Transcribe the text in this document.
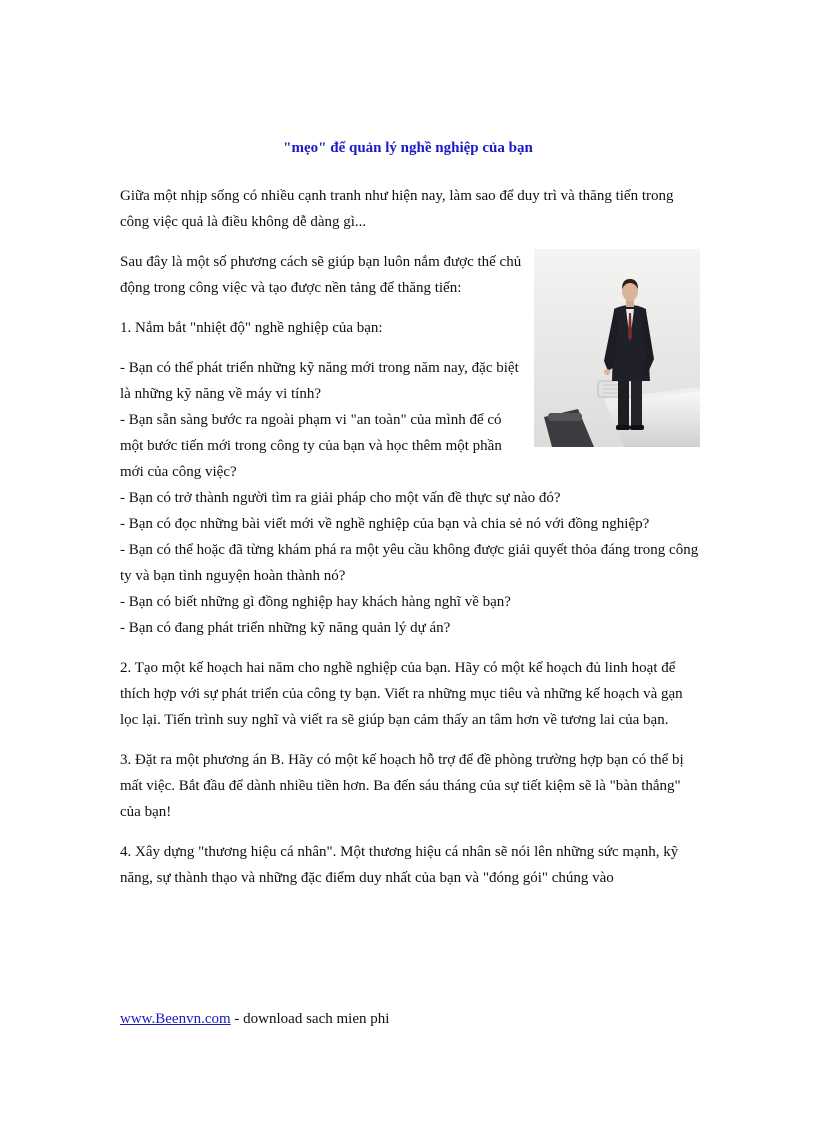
"mẹo" để quản lý nghề nghiệp của bạn

Giữa một nhịp sống có nhiều cạnh tranh như hiện nay, làm sao để duy trì và thăng tiến trong công việc quả là điều không dễ dàng gì...

Sau đây là một số phương cách sẽ giúp bạn luôn nắm được thế chủ động trong công việc và tạo được nền tảng để thăng tiến:

1. Nắm bắt "nhiệt độ" nghề nghiệp của bạn:

- Bạn có thể phát triển những kỹ năng mới trong năm nay, đặc biệt là những kỹ năng về máy vi tính?
- Bạn sẵn sàng bước ra ngoài phạm vi "an toàn" của mình để có một bước tiến mới trong công ty của bạn và học thêm một phần mới của công việc?
- Bạn có trở thành người tìm ra giải pháp cho một vấn đề thực sự nào đó?
- Bạn có đọc những bài viết mới về nghề nghiệp của bạn và chia sẻ nó với đồng nghiệp?
- Bạn có thể hoặc đã từng khám phá ra một yêu cầu không được giải quyết thỏa đáng trong công ty và bạn tình nguyện hoàn thành nó?
- Bạn có biết những gì đồng nghiệp hay khách hàng nghĩ về bạn?
- Bạn có đang phát triển những kỹ năng quản lý dự án?

2. Tạo một kế hoạch hai năm cho nghề nghiệp của bạn. Hãy có một kế hoạch đủ linh hoạt để thích hợp với sự phát triển của công ty bạn. Viết ra những mục tiêu và những kế hoạch và gạn lọc lại. Tiến trình suy nghĩ và viết ra sẽ giúp bạn cảm thấy an tâm hơn về tương lai của bạn.

3. Đặt ra một phương án B. Hãy có một kế hoạch hỗ trợ để đề phòng trường hợp bạn có thể bị mất việc. Bắt đầu để dành nhiều tiền hơn. Ba đến sáu tháng của sự tiết kiệm sẽ là "bàn thắng" của bạn!

4. Xây dựng "thương hiệu cá nhân". Một thương hiệu cá nhân sẽ nói lên những sức mạnh, kỹ năng, sự thành thạo và những đặc điểm duy nhất của bạn và "đóng gói" chúng vào

www.Beenvn.com - download sach mien phi
